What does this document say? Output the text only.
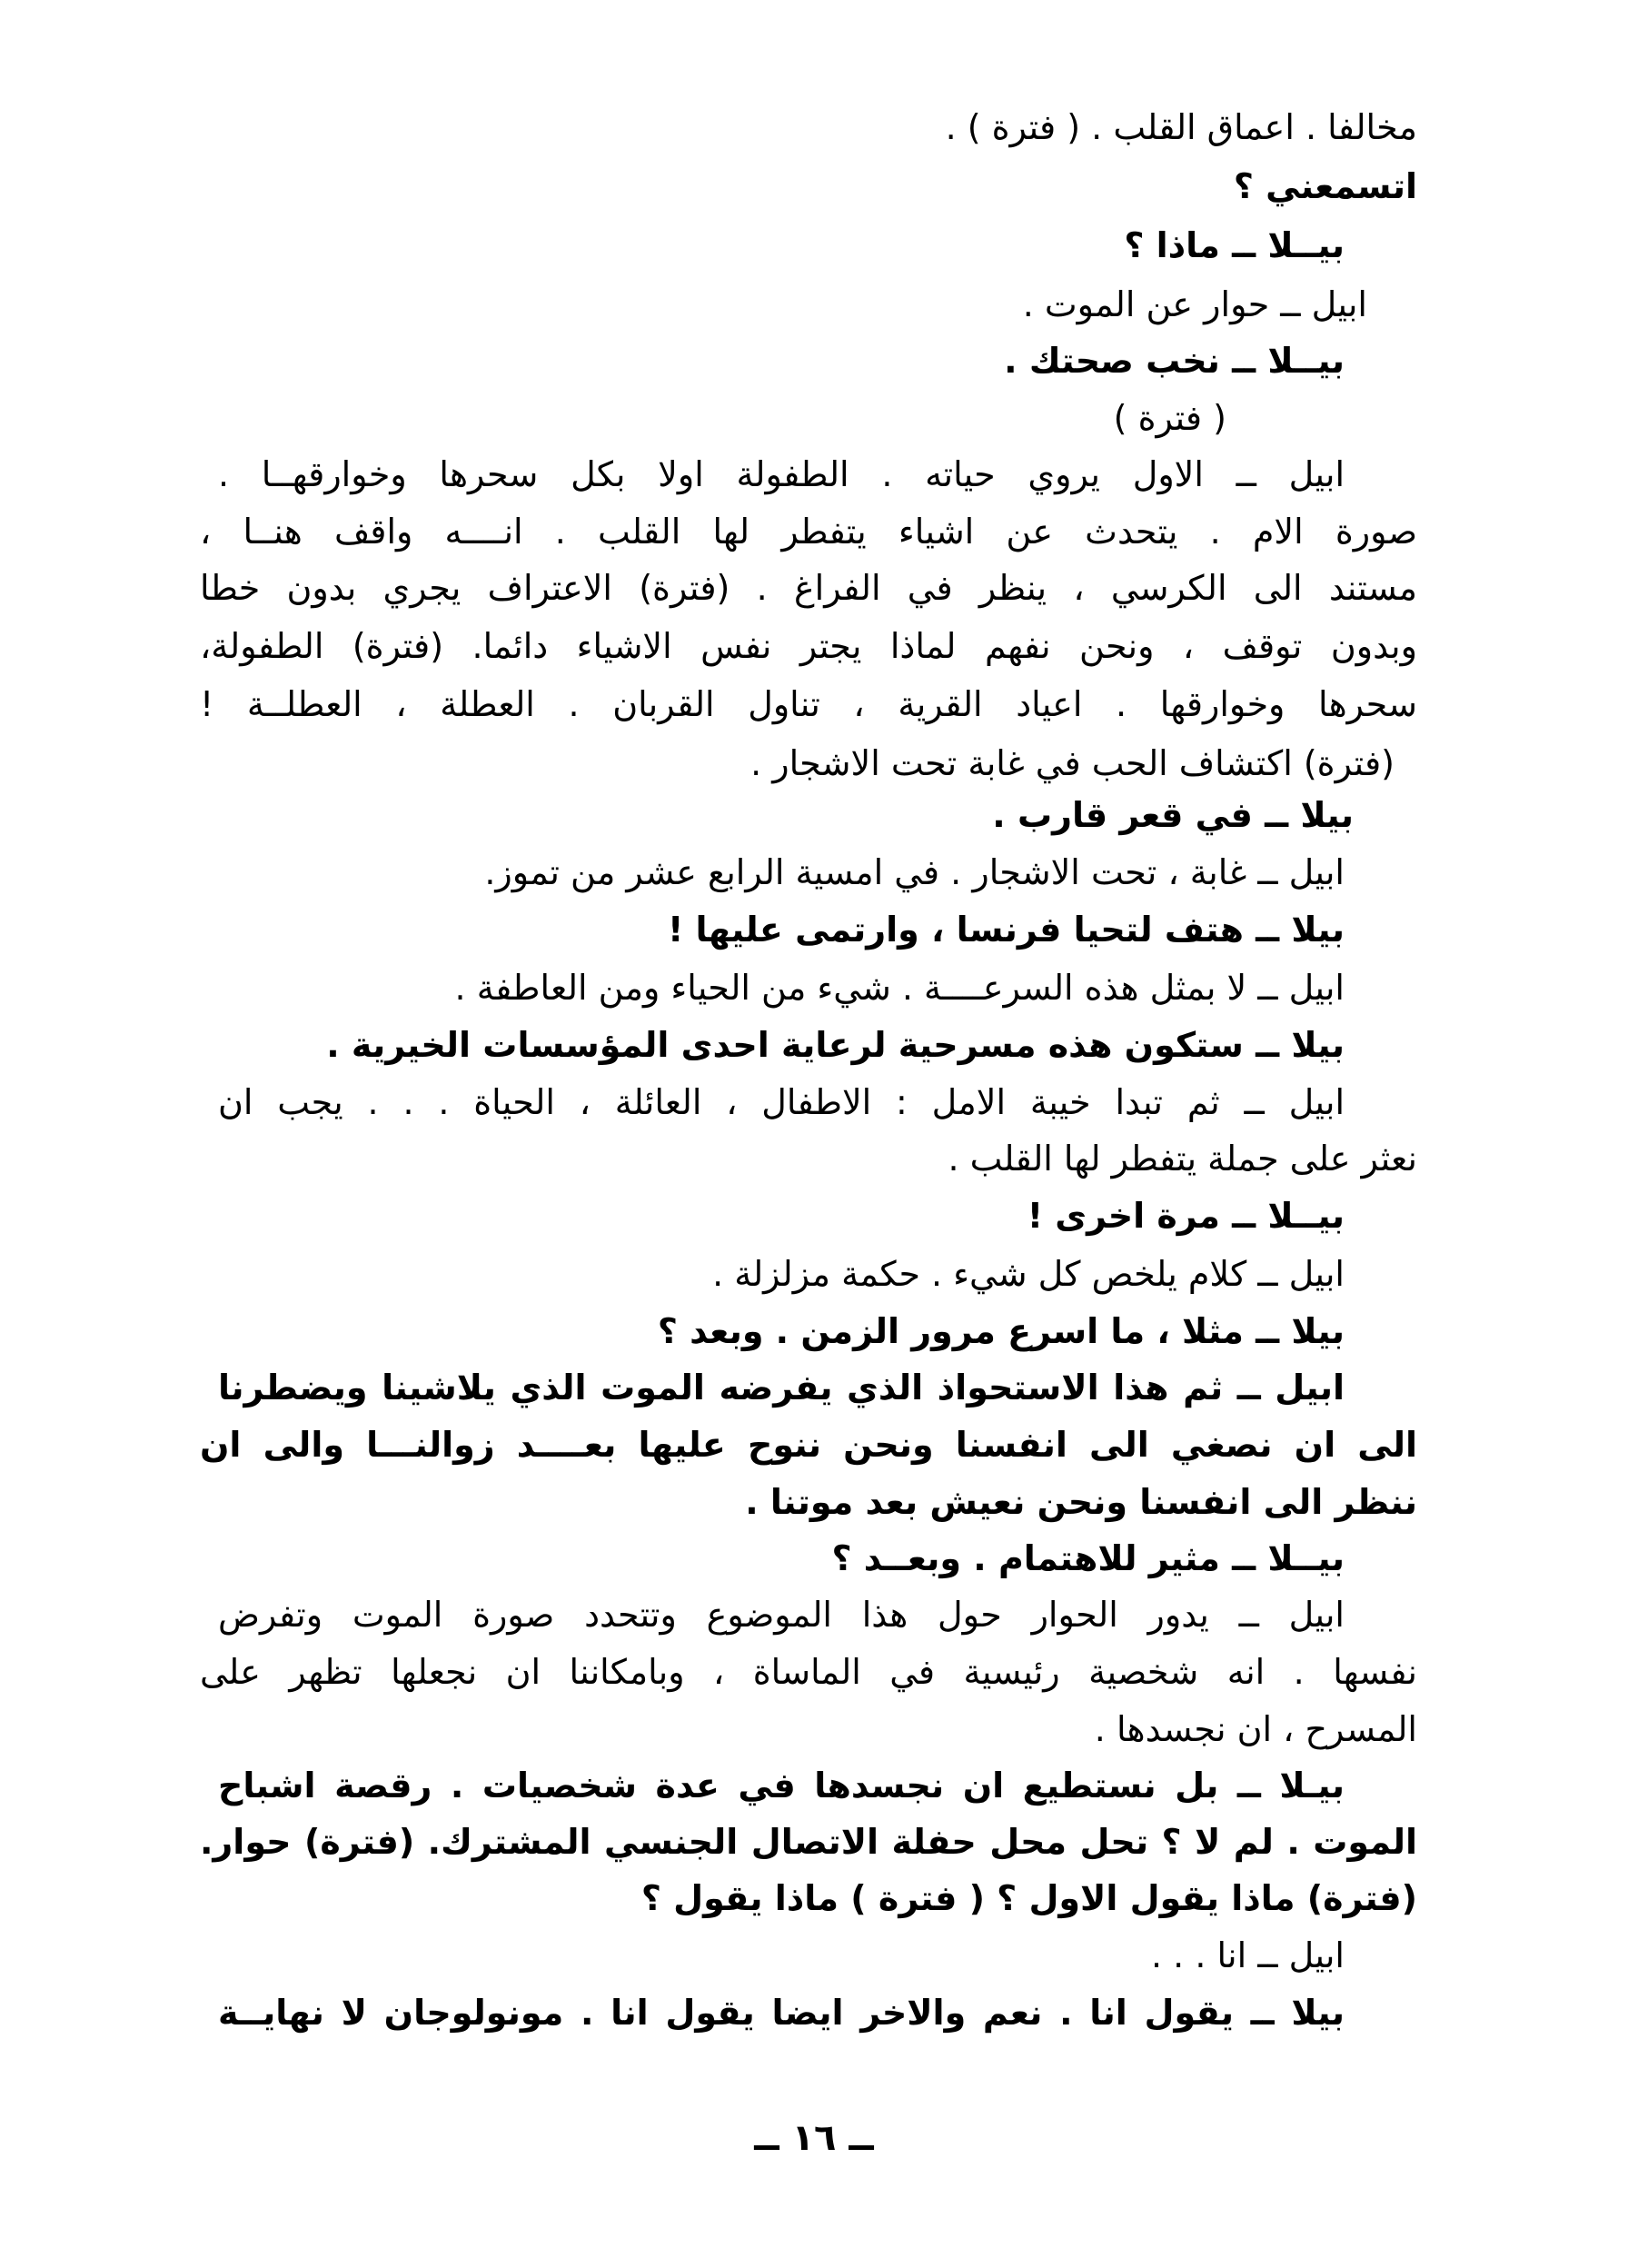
مخالفا . اعماق القلب . ( فترة ) .
اتسمعني ؟
بيــلا ــ ماذا ؟
ابيل ــ حوار عن الموت .
بيــلا ــ نخب صحتك .
( فترة )
ابيل ــ الاول يروي حياته . الطفولة اولا بكل سحرها وخوارقهــا .
صورة الام . يتحدث عن اشياء يتفطر لها القلب . انــــه واقف هنــا ،
مستند الى الكرسي ، ينظر في الفراغ . (فترة) الاعتراف يجري بدون خطا
وبدون توقف ، ونحن نفهم لماذا يجتر نفس الاشياء دائما. (فترة) الطفولة،
سحرها وخوارقها . اعياد القرية ، تناول القربان . العطلة ، العطلــة !
(فترة) اكتشاف الحب في غابة تحت الاشجار .
بيلا ــ في قعر قارب .
ابيل ــ غابة ، تحت الاشجار . في امسية الرابع عشر من تموز.
بيلا ــ هتف لتحيا فرنسا ، وارتمى عليها !
ابيل ــ لا بمثل هذه السرعــــة . شيء من الحياء ومن العاطفة .
بيلا ــ ستكون هذه مسرحية لرعاية احدى المؤسسات الخيرية .
ابيل ــ ثم تبدا خيبة الامل : الاطفال ، العائلة ، الحياة . . . يجب ان
نعثر على جملة يتفطر لها القلب .
بيــلا ــ مرة اخرى !
ابيل ــ كلام يلخص كل شيء . حكمة مزلزلة .
بيلا ــ مثلا ، ما اسرع مرور الزمن . وبعد ؟
ابيل ــ ثم هذا الاستحواذ الذي يفرضه الموت الذي يلاشينا ويضطرنا
الى ان نصغي الى انفسنا ونحن ننوح عليها بعــــد زوالنـــا والى ان
ننظر الى انفسنا ونحن نعيش بعد موتنا .
بيــلا ــ مثير للاهتمام . وبعــد ؟
ابيل ــ يدور الحوار حول هذا الموضوع وتتحدد صورة الموت وتفرض
نفسها . انه شخصية رئيسية في الماساة ، وبامكاننا ان نجعلها تظهر على
المسرح ، ان نجسدها .
بيـلا ــ بل نستطيع ان نجسدها في عدة شخصيات . رقصة اشباح
الموت . لم لا ؟ تحل محل حفلة الاتصال الجنسي المشترك. (فترة) حوار.
(فترة) ماذا يقول الاول ؟ ( فترة ) ماذا يقول ؟
ابيل ــ انا . . .
بيلا ــ يقول انا . نعم والاخر ايضا يقول انا . مونولوجان لا نهايــة
ــ ١٦ ــ
